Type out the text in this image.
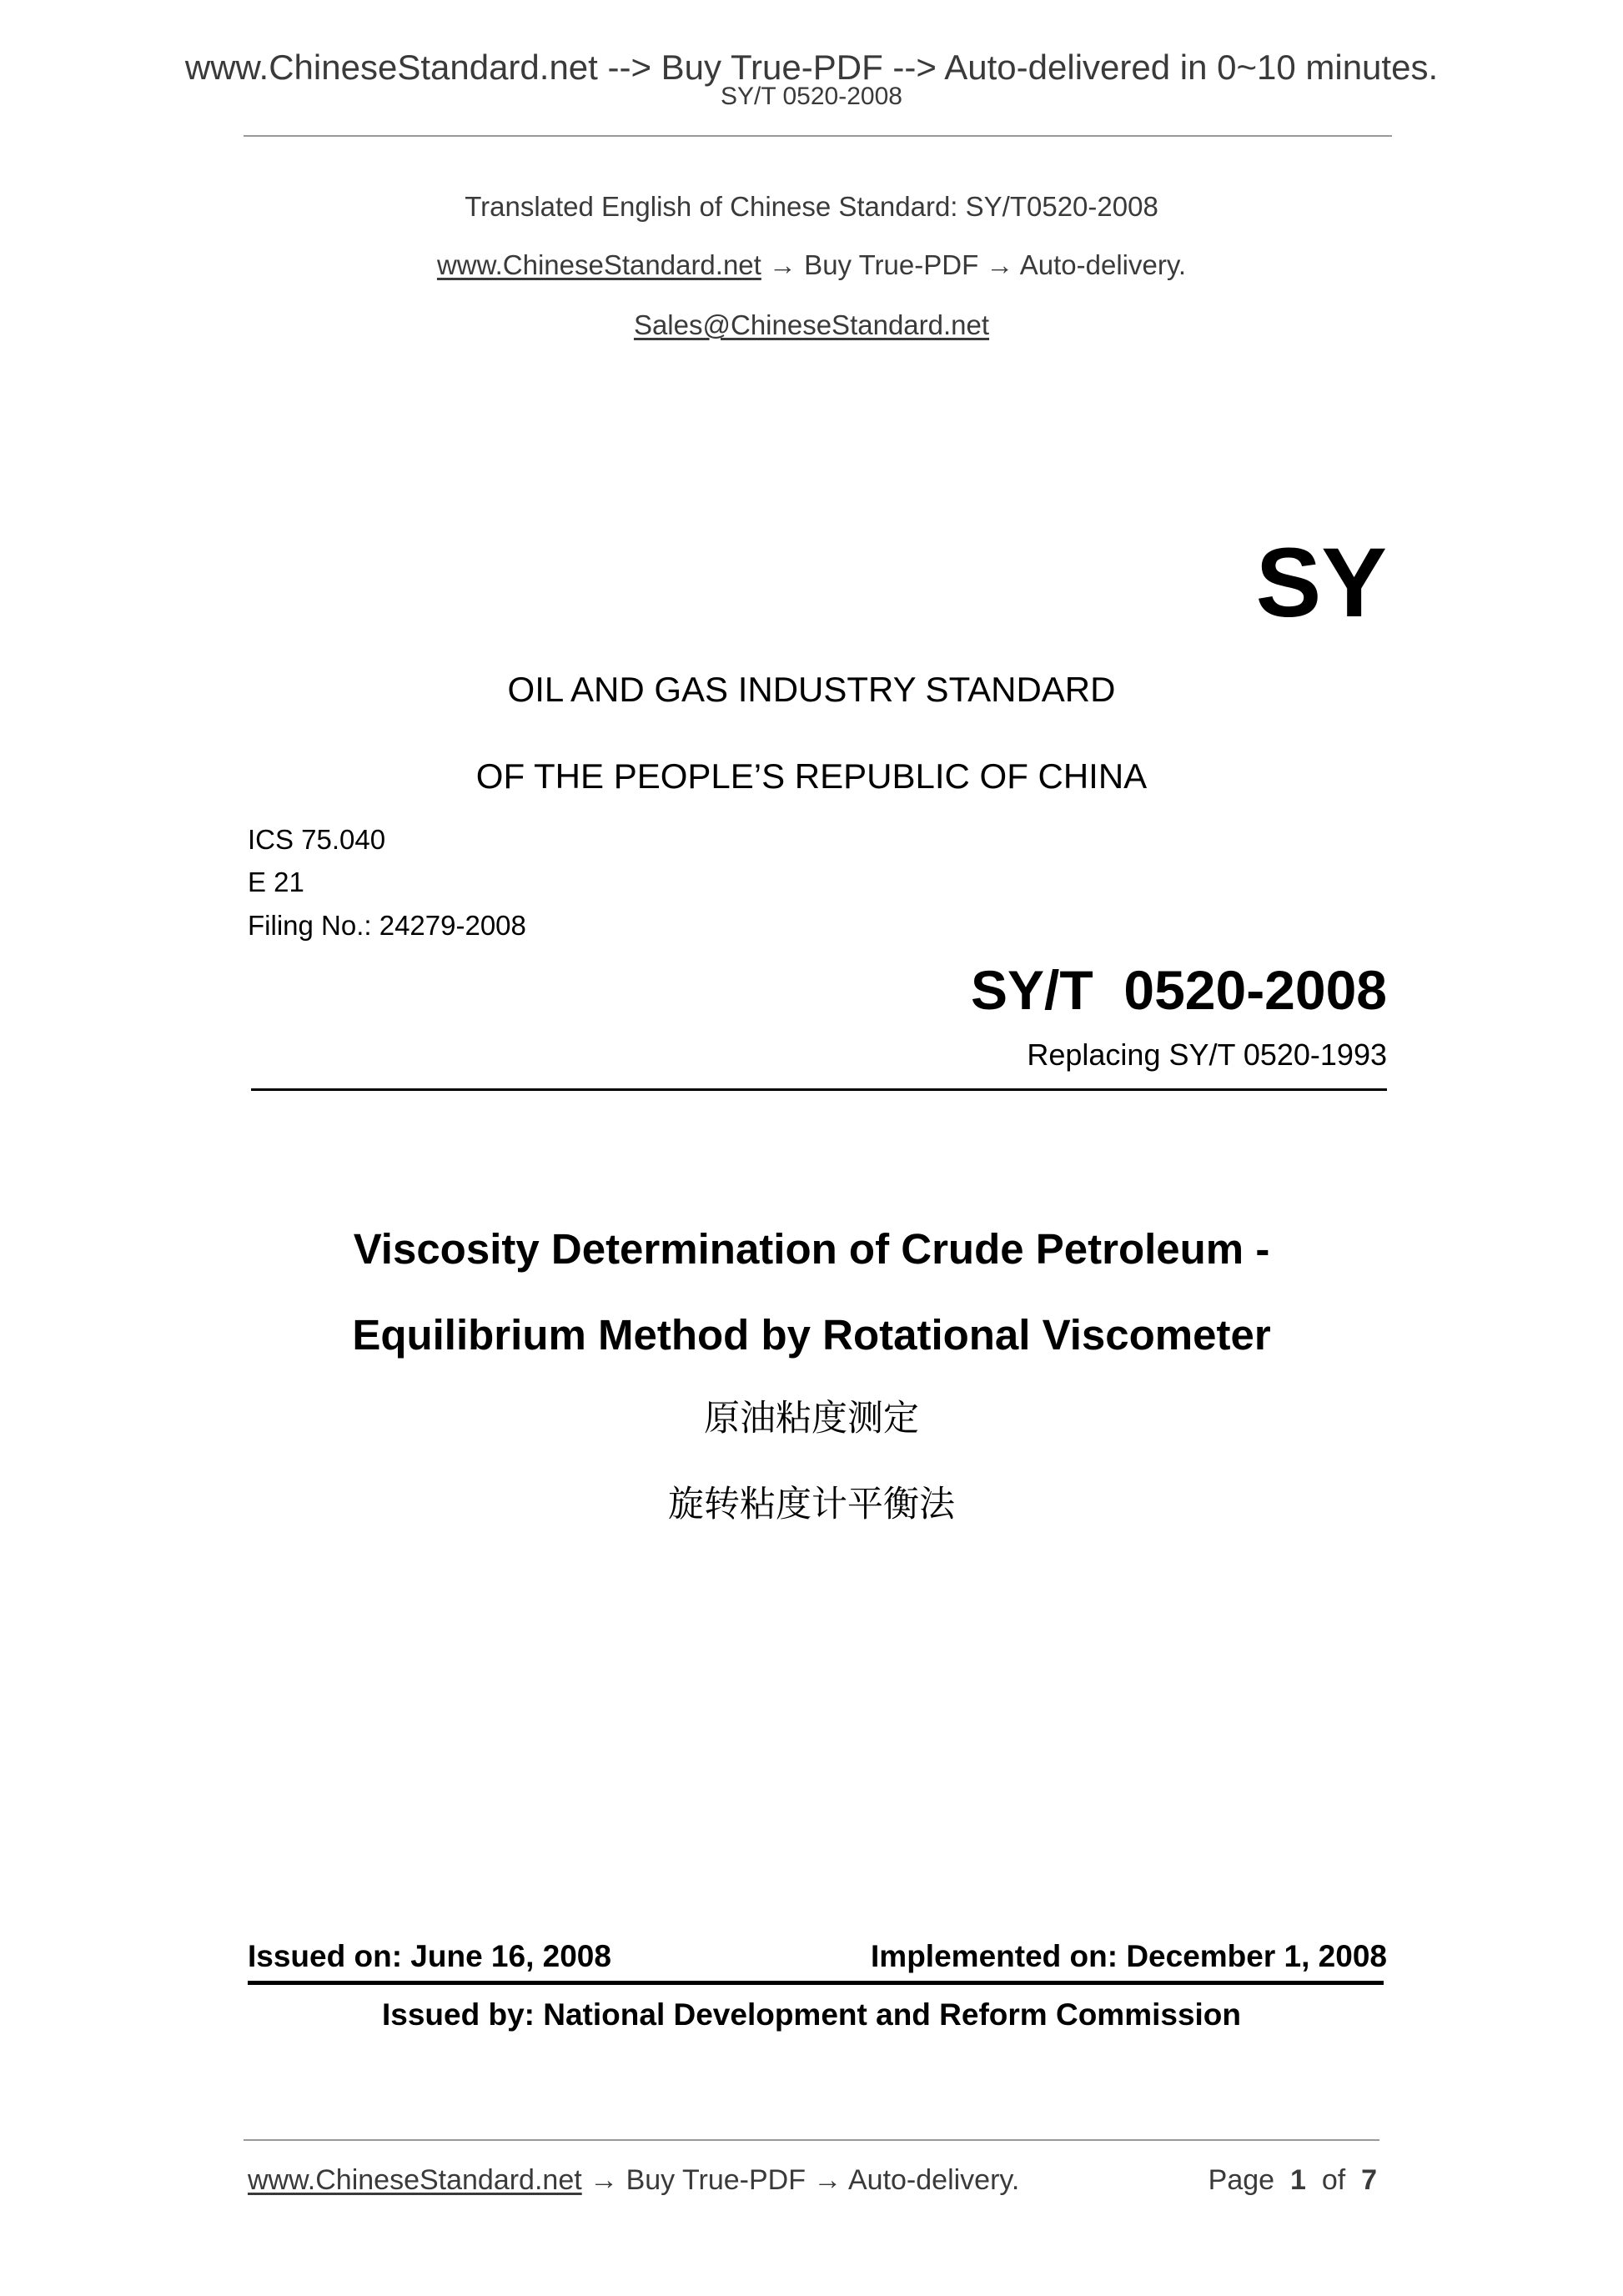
www.ChineseStandard.net --> Buy True-PDF --> Auto-delivered in 0~10 minutes.
SY/T 0520-2008
Translated English of Chinese Standard: SY/T0520-2008
www.ChineseStandard.net → Buy True-PDF → Auto-delivery.
Sales@ChineseStandard.net
SY
OIL AND GAS INDUSTRY STANDARD
OF THE PEOPLE’S REPUBLIC OF CHINA
ICS 75.040
E 21
Filing No.: 24279-2008
SY/T  0520-2008
Replacing SY/T 0520-1993
Viscosity Determination of Crude Petroleum -
Equilibrium Method by Rotational Viscometer
原油粘度测定
旋转粘度计平衡法
Issued on: June 16, 2008	Implemented on: December 1, 2008
Issued by: National Development and Reform Commission
www.ChineseStandard.net → Buy True-PDF → Auto-delivery.	Page 1 of 7
